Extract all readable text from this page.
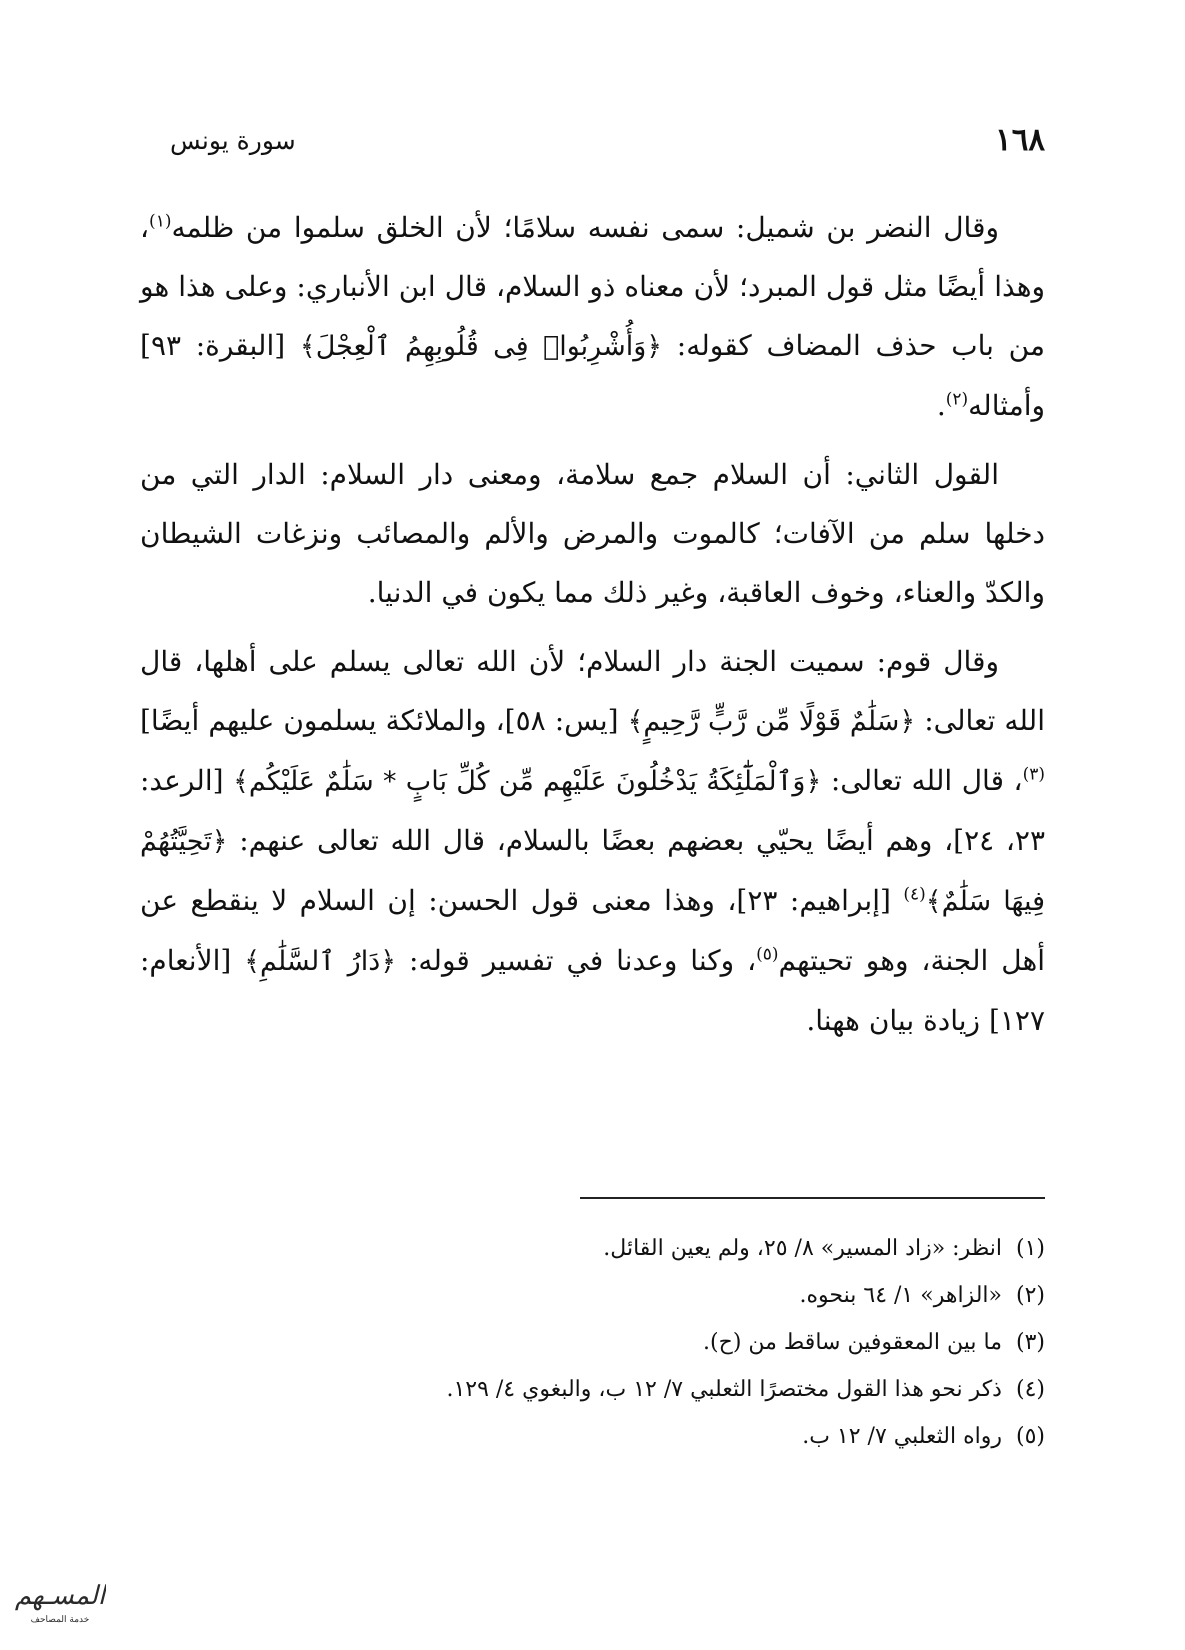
١٦٨
سورة يونس

وقال النضر بن شميل: سمى نفسه سلامًا؛ لأن الخلق سلموا من ظلمه$^{(١)}$، وهذا أيضًا مثل قول المبرد؛ لأن معناه ذو السلام، قال ابن الأنباري: وعلى هذا هو من باب حذف المضاف كقوله: ﴿وَأُشْرِبُوا۟ فِى قُلُوبِهِمُ ٱلْعِجْلَ﴾ [البقرة: ٩٣] وأمثاله$^{(٢)}$.

القول الثاني: أن السلام جمع سلامة، ومعنى دار السلام: الدار التي من دخلها سلم من الآفات؛ كالموت والمرض والألم والمصائب ونزغات الشيطان والكدّ والعناء، وخوف العاقبة، وغير ذلك مما يكون في الدنيا.

وقال قوم: سميت الجنة دار السلام؛ لأن الله تعالى يسلم على أهلها، قال الله تعالى: ﴿سَلَٰمٌ قَوْلًا مِّن رَّبٍّ رَّحِيمٍ﴾ [يس: ٥٨]، والملائكة يسلمون عليهم أيضًا]$^{(٣)}$، قال الله تعالى: ﴿وَٱلْمَلَٰٓئِكَةُ يَدْخُلُونَ عَلَيْهِم مِّن كُلِّ بَابٍ * سَلَٰمٌ عَلَيْكُم﴾ [الرعد: ٢٣، ٢٤]، وهم أيضًا يحيّي بعضهم بعضًا بالسلام، قال الله تعالى عنهم: ﴿تَحِيَّتُهُمْ فِيهَا سَلَٰمٌ﴾$^{(٤)}$ [إبراهيم: ٢٣]، وهذا معنى قول الحسن: إن السلام لا ينقطع عن أهل الجنة، وهو تحيتهم$^{(٥)}$، وكنا وعدنا في تفسير قوله: ﴿دَارُ ٱلسَّلَٰمِ﴾ [الأنعام: ١٢٧] زيادة بيان ههنا.

(١)انظر: «زاد المسير» ٨/ ٢٥، ولم يعين القائل.
(٢)«الزاهر» ١/ ٦٤ بنحوه.
(٣)ما بين المعقوفين ساقط من (ح).
(٤)ذكر نحو هذا القول مختصرًا الثعلبي ٧/ ١٢ ب، والبغوي ٤/ ١٢٩.
(٥)رواه الثعلبي ٧/ ١٢ ب.
المسـهم
خدمة المصاحف
